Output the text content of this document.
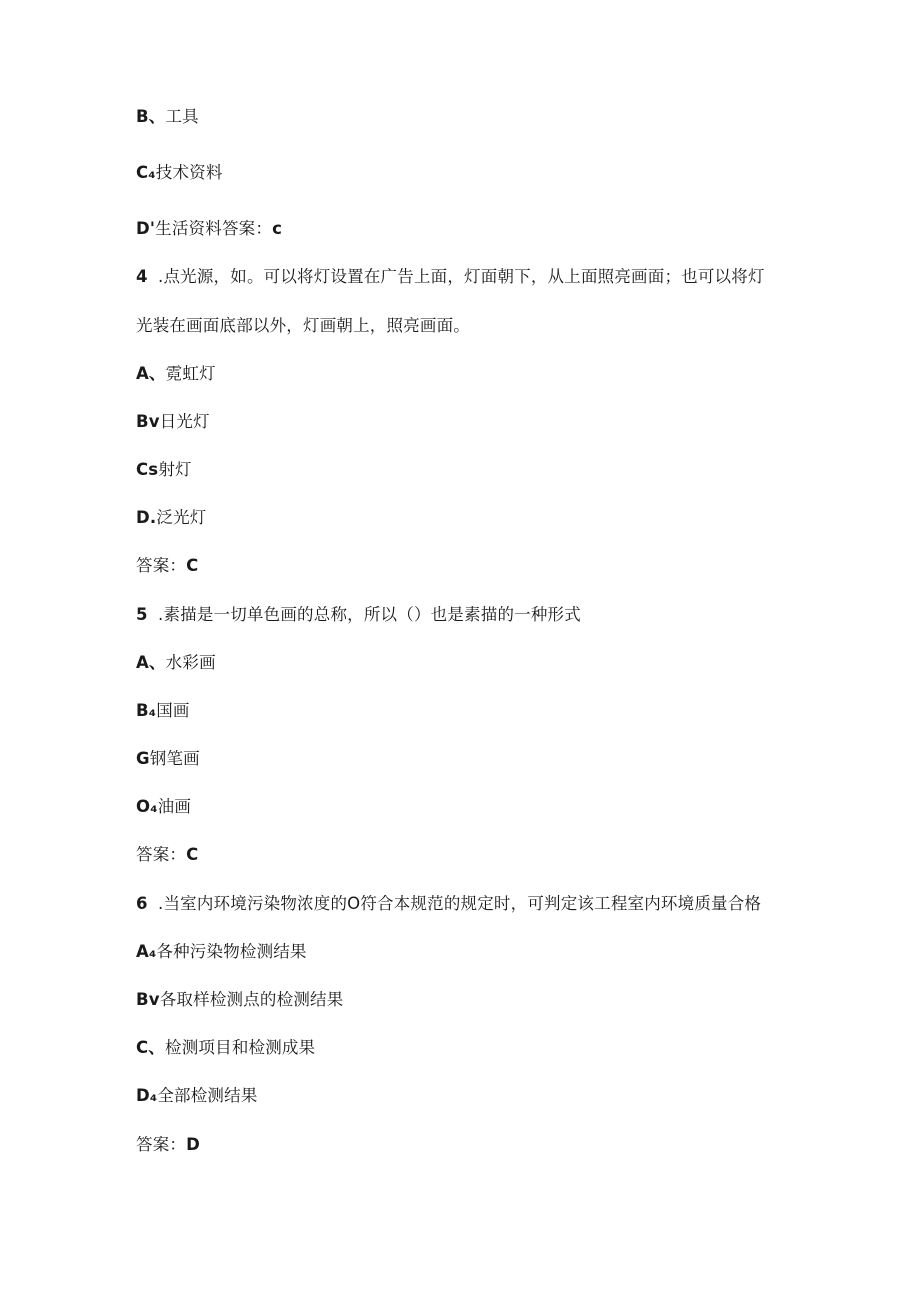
B、工具
C₄技术资料
D'生活资料答案：c
4 .点光源，如。可以将灯设置在广告上面，灯面朝下，从上面照亮画面；也可以将灯
光装在画面底部以外，灯画朝上，照亮画面。
A、霓虹灯
Bv日光灯
Cs射灯
D.泛光灯
答案：C
5 .素描是一切单色画的总称，所以（）也是素描的一种形式
A、水彩画
B₄国画
G钢笔画
O₄油画
答案：C
6 .当室内环境污染物浓度的O符合本规范的规定时，可判定该工程室内环境质量合格
A₄各种污染物检测结果
Bv各取样检测点的检测结果
C、检测项目和检测成果
D₄全部检测结果
答案：D
